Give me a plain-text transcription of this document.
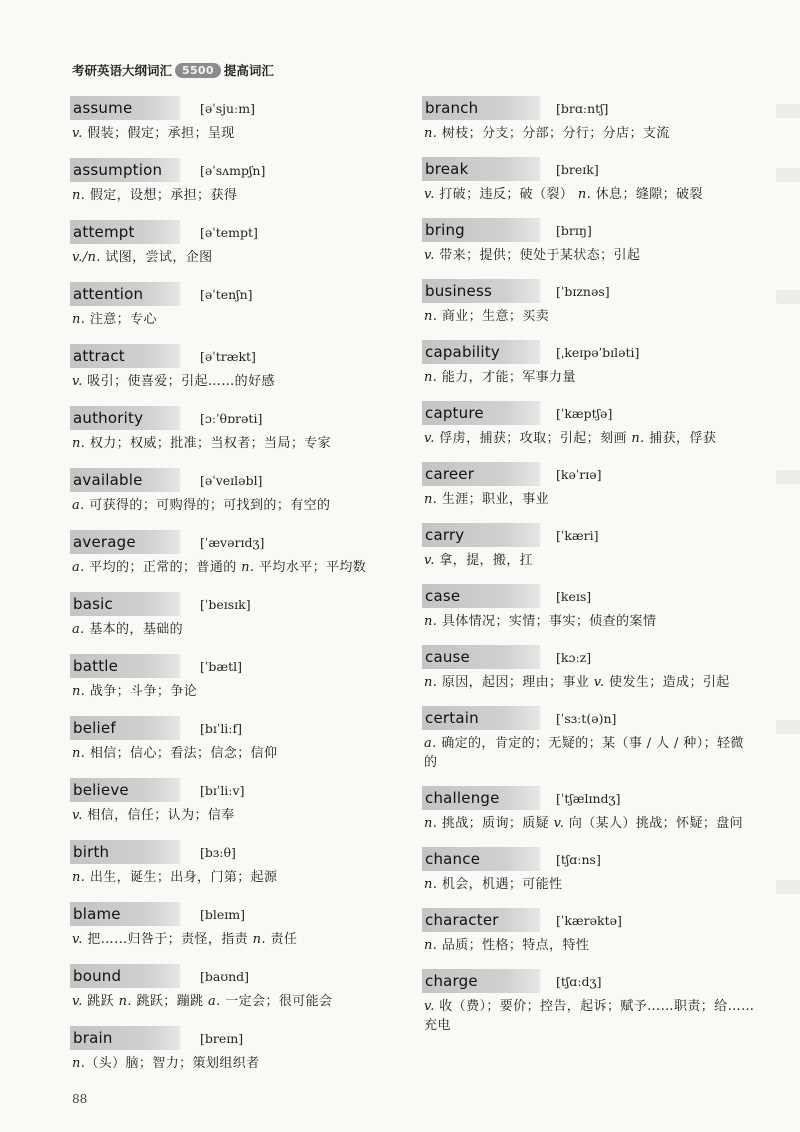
考研英语大纲词汇 5500 提高词汇
assume	[əˈsjuːm]
v. 假装；假定；承担；呈现
assumption	[əˈsʌmpʃn]
n. 假定，设想；承担；获得
attempt	[əˈtempt]
v./n. 试图，尝试，企图
attention	[əˈtenʃn]
n. 注意；专心
attract	[əˈtrækt]
v. 吸引；使喜爱；引起……的好感
authority	[ɔːˈθɒrəti]
n. 权力；权威；批准；当权者；当局；专家
available	[əˈveɪləbl]
a. 可获得的；可购得的；可找到的；有空的
average	[ˈævərɪdʒ]
a. 平均的；正常的；普通的 n. 平均水平；平均数
basic	[ˈbeɪsɪk]
a. 基本的，基础的
battle	[ˈbætl]
n. 战争；斗争；争论
belief	[bɪˈliːf]
n. 相信；信心；看法；信念；信仰
believe	[bɪˈliːv]
v. 相信，信任；认为；信奉
birth	[bɜːθ]
n. 出生，诞生；出身，门第；起源
blame	[bleɪm]
v. 把……归咎于；责怪，指责 n. 责任
bound	[baʊnd]
v. 跳跃 n. 跳跃；蹦跳 a. 一定会；很可能会
brain	[breɪn]
n.（头）脑；智力；策划组织者
branch	[brɑːntʃ]
n. 树枝；分支；分部；分行；分店；支流
break	[breɪk]
v. 打破；违反；破（裂） n. 休息；缝隙；破裂
bring	[brɪŋ]
v. 带来；提供；使处于某状态；引起
business	[ˈbɪznəs]
n. 商业；生意；买卖
capability	[ˌkeɪpəˈbɪləti]
n. 能力，才能；军事力量
capture	[ˈkæptʃə]
v. 俘虏，捕获；攻取；引起；刻画 n. 捕获，俘获
career	[kəˈrɪə]
n. 生涯；职业，事业
carry	[ˈkæri]
v. 拿，提，搬，扛
case	[keɪs]
n. 具体情况；实情；事实；侦查的案情
cause	[kɔːz]
n. 原因，起因；理由；事业 v. 使发生；造成；引起
certain	[ˈsɜːt(ə)n]
a. 确定的，肯定的；无疑的；某（事 / 人 / 种）；轻微的
challenge	[ˈtʃælɪndʒ]
n. 挑战；质询；质疑 v. 向（某人）挑战；怀疑；盘问
chance	[tʃɑːns]
n. 机会，机遇；可能性
character	[ˈkærəktə]
n. 品质；性格；特点，特性
charge	[tʃɑːdʒ]
v. 收（费）；要价；控告，起诉；赋予……职责；给……充电
88
